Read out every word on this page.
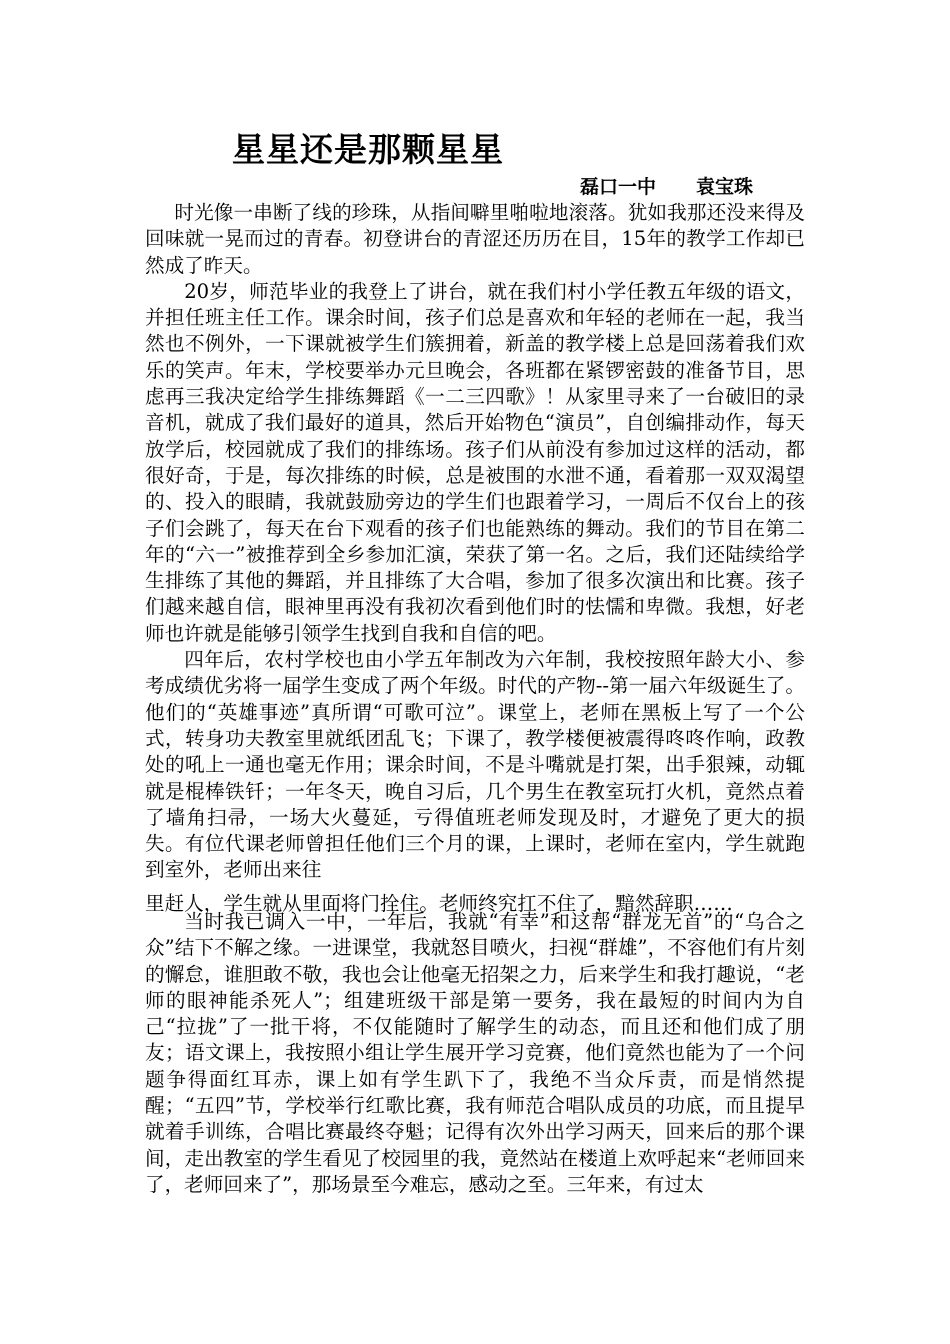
星星还是那颗星星
磊口一中 袁宝珠

时光像一串断了线的珍珠，从指间噼里啪啦地滚落。犹如我那还没来得及回味就一晃而过的青春。初登讲台的青涩还历历在目，15年的教学工作却已然成了昨天。

20岁，师范毕业的我登上了讲台，就在我们村小学任教五年级的语文，并担任班主任工作。课余时间，孩子们总是喜欢和年轻的老师在一起，我当然也不例外，一下课就被学生们簇拥着，新盖的教学楼上总是回荡着我们欢乐的笑声。年末，学校要举办元旦晚会，各班都在紧锣密鼓的准备节目，思虑再三我决定给学生排练舞蹈《一二三四歌》！从家里寻来了一台破旧的录音机，就成了我们最好的道具，然后开始物色“演员”，自创编排动作，每天放学后，校园就成了我们的排练场。孩子们从前没有参加过这样的活动，都很好奇，于是，每次排练的时候，总是被围的水泄不通，看着那一双双渴望的、投入的眼睛，我就鼓励旁边的学生们也跟着学习，一周后不仅台上的孩子们会跳了，每天在台下观看的孩子们也能熟练的舞动。我们的节目在第二年的“六一”被推荐到全乡参加汇演，荣获了第一名。之后，我们还陆续给学生排练了其他的舞蹈，并且排练了大合唱，参加了很多次演出和比赛。孩子们越来越自信，眼神里再没有我初次看到他们时的怯懦和卑微。我想，好老师也许就是能够引领学生找到自我和自信的吧。

四年后，农村学校也由小学五年制改为六年制，我校按照年龄大小、参考成绩优劣将一届学生变成了两个年级。时代的产物--第一届六年级诞生了。他们的“英雄事迹”真所谓“可歌可泣”。课堂上，老师在黑板上写了一个公式，转身功夫教室里就纸团乱飞；下课了，教学楼便被震得咚咚作响，政教处的吼上一通也毫无作用；课余时间，不是斗嘴就是打架，出手狠辣，动辄就是棍棒铁钎；一年冬天，晚自习后，几个男生在教室玩打火机，竟然点着了墙角扫帚，一场大火蔓延，亏得值班老师发现及时，才避免了更大的损失。有位代课老师曾担任他们三个月的课，上课时，老师在室内，学生就跑到室外，老师出来往
里赶人，学生就从里面将门拴住。老师终究扛不住了，黯然辞职……

当时我已调入一中，一年后，我就“有幸”和这帮“群龙无首”的“乌合之众”结下不解之缘。一进课堂，我就怒目喷火，扫视“群雄”，不容他们有片刻的懈怠，谁胆敢不敬，我也会让他毫无招架之力，后来学生和我打趣说，“老师的眼神能杀死人”；组建班级干部是第一要务，我在最短的时间内为自己“拉拢”了一批干将，不仅能随时了解学生的动态，而且还和他们成了朋友；语文课上，我按照小组让学生展开学习竞赛，他们竟然也能为了一个问题争得面红耳赤，课上如有学生趴下了，我绝不当众斥责，而是悄然提醒；“五四”节，学校举行红歌比赛，我有师范合唱队成员的功底，而且提早就着手训练，合唱比赛最终夺魁；记得有次外出学习两天，回来后的那个课间，走出教室的学生看见了校园里的我，竟然站在楼道上欢呼起来“老师回来了，老师回来了”，那场景至今难忘，感动之至。三年来，有过太
